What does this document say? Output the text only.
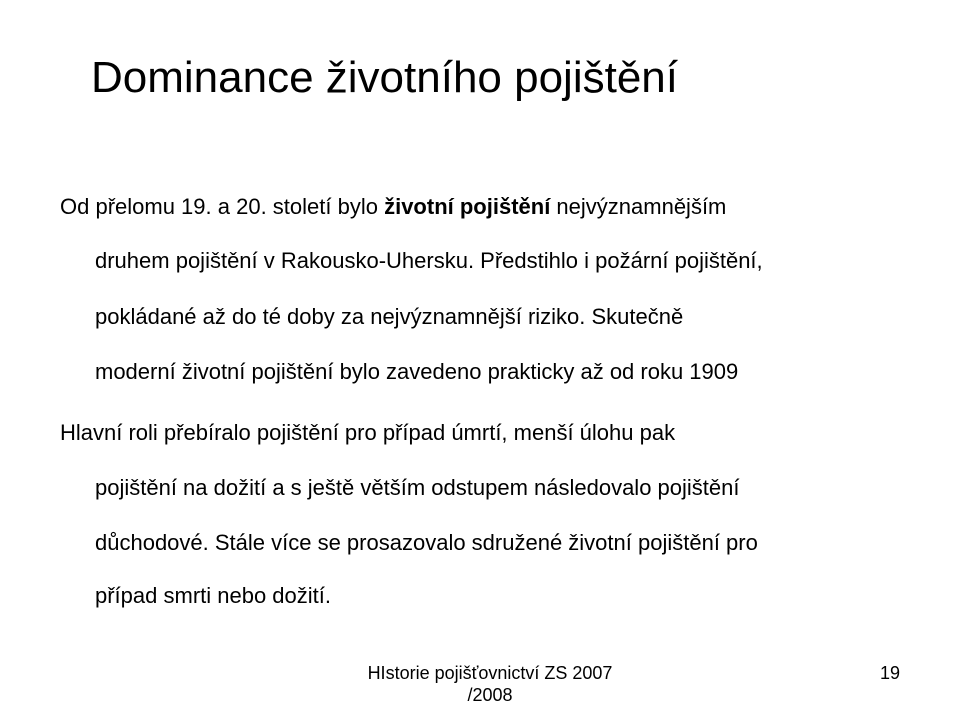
Dominance životního pojištění
Od přelomu 19. a 20. století bylo životní pojištění nejvýznamnějším
druhem pojištění v Rakousko-Uhersku. Předstihlo i požární pojištění,
pokládané až do té doby za nejvýznamnější riziko. Skutečně
moderní životní pojištění bylo zavedeno prakticky až od roku 1909
Hlavní roli přebíralo pojištění pro případ úmrtí, menší úlohu pak
pojištění na dožití a s ještě větším odstupem následovalo pojištění
důchodové. Stále více se prosazovalo sdružené životní pojištění pro
případ smrti nebo dožití.
HIstorie pojišťovnictví ZS 2007
/2008
19
